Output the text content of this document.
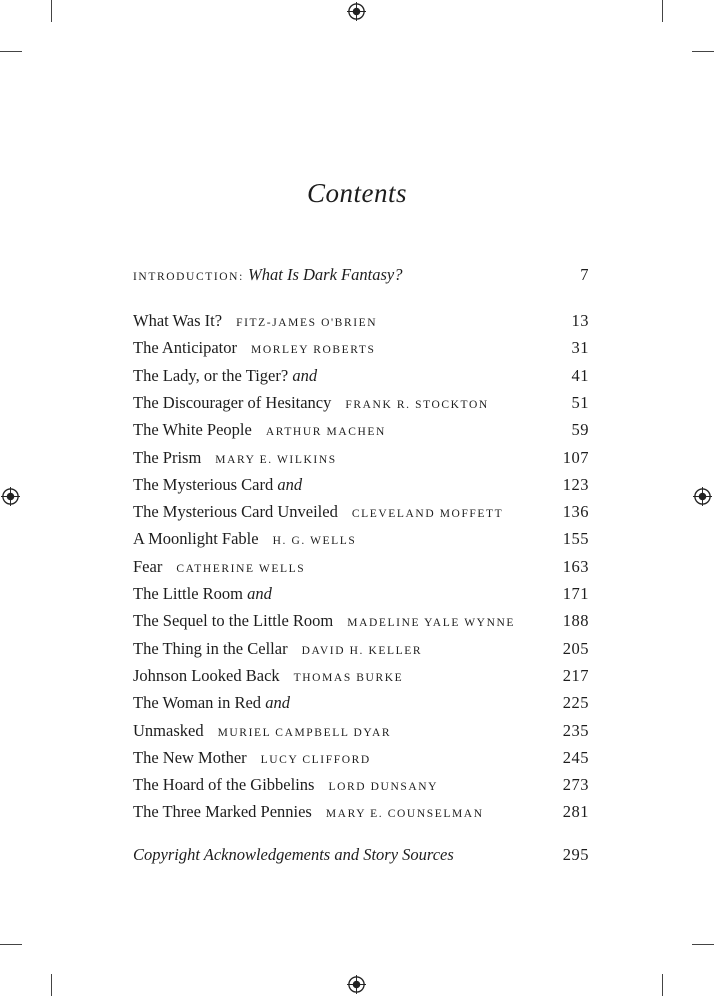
Contents
INTRODUCTION: What Is Dark Fantasy?	7
What Was It? FITZ-JAMES O'BRIEN	13
The Anticipator MORLEY ROBERTS	31
The Lady, or the Tiger? and	41
The Discourager of Hesitancy FRANK R. STOCKTON	51
The White People ARTHUR MACHEN	59
The Prism MARY E. WILKINS	107
The Mysterious Card and	123
The Mysterious Card Unveiled CLEVELAND MOFFETT	136
A Moonlight Fable H. G. WELLS	155
Fear CATHERINE WELLS	163
The Little Room and	171
The Sequel to the Little Room MADELINE YALE WYNNE	188
The Thing in the Cellar DAVID H. KELLER	205
Johnson Looked Back THOMAS BURKE	217
The Woman in Red and	225
Unmasked MURIEL CAMPBELL DYAR	235
The New Mother LUCY CLIFFORD	245
The Hoard of the Gibbelins LORD DUNSANY	273
The Three Marked Pennies MARY E. COUNSELMAN	281
Copyright Acknowledgements and Story Sources	295
